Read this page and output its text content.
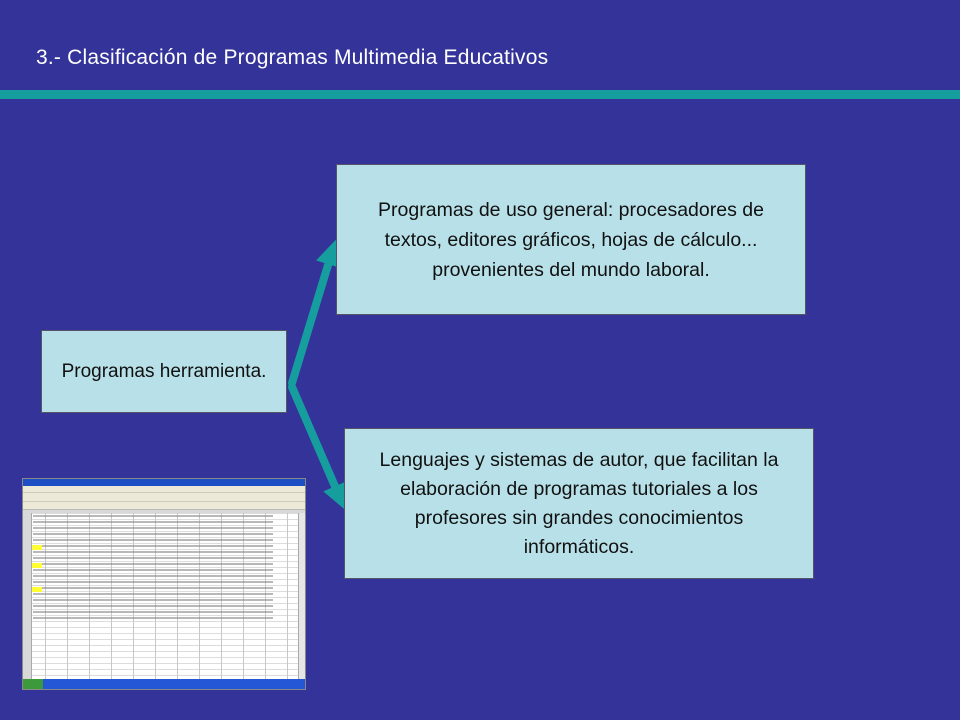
3.- Clasificación de Programas Multimedia Educativos
Programas herramienta.
Programas de uso general: procesadores de textos, editores gráficos, hojas de cálculo... provenientes del mundo laboral.
Lenguajes y sistemas de autor, que facilitan la elaboración de programas tutoriales a los profesores sin grandes conocimientos informáticos.
